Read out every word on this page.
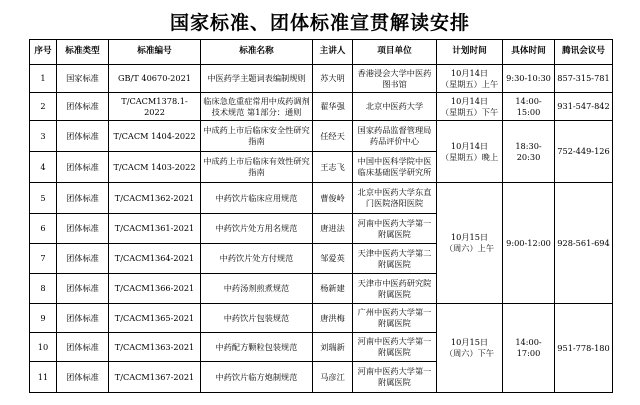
国家标准、团体标准宣贯解读安排
序号	标准类型	标准编号	标准名称	主讲人	项目单位	计划时间	具体时间	腾讯会议号
1	国家标准	GB/T 40670-2021	中医药学主题词表编制规则	苏大明	香港浸会大学中医药图书馆	10月14日
（星期五）上午	9:30-10:30	857-315-781
2	团体标准	T/CACM1378.1-2022	临床急危重症常用中成药调剂技术规范 第1部分：通则	翟华强	北京中医药大学	10月14日
（星期五）下午	14:00-15:00	931-547-842
3	团体标准	T/CACM 1404-2022	中成药上市后临床安全性研究指南	任经天	国家药品监督管理局药品评价中心	10月14日
（星期五）晚上	18:30-20:30	752-449-126
4	团体标准	T/CACM 1403-2022	中成药上市后临床有效性研究指南	王志飞	中国中医科学院中医临床基础医学研究所			
5	团体标准	T/CACM1362-2021	中药饮片临床应用规范	曹俊岭	北京中医药大学东直门医院洛阳医院	10月15日
（周六）上午	9:00-12:00	928-561-694
6	团体标准	T/CACM1361-2021	中药饮片处方用名规范	唐进法	河南中医药大学第一附属医院			
7	团体标准	T/CACM1364-2021	中药饮片处方付规范	邹爱英	天津中医药大学第二附属医院			
8	团体标准	T/CACM1366-2021	中药汤剂煎煮规范	杨新建	天津市中医药研究院附属医院			
9	团体标准	T/CACM1365-2021	中药饮片包装规范	唐洪梅	广州中医药大学第一附属医院	10月15日
（周六）下午	14:00-17:00	951-778-180
10	团体标准	T/CACM1363-2021	中药配方颗粒包装规范	刘瑞新	河南中医药大学第一附属医院			
11	团体标准	T/CACM1367-2021	中药饮片临方炮制规范	马彦江	河南中医药大学第一附属医院			
